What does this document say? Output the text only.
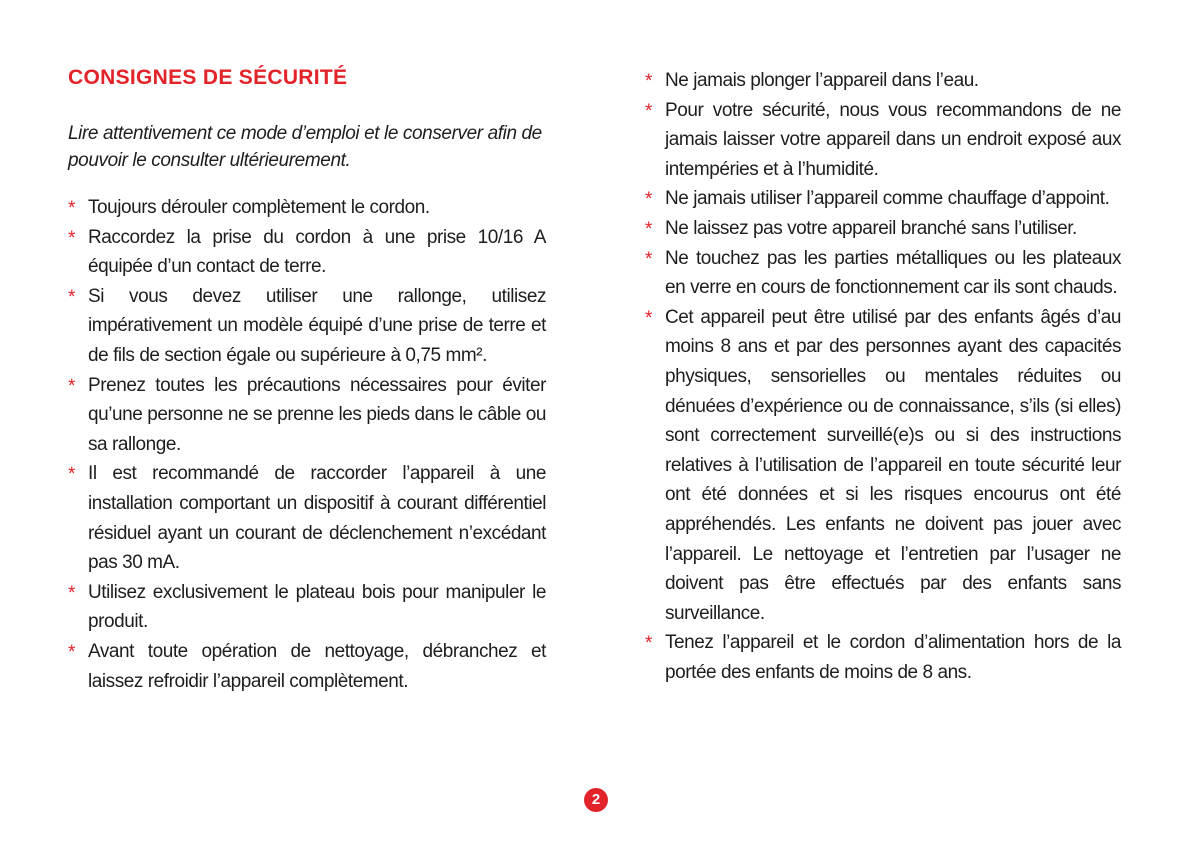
CONSIGNES DE SÉCURITÉ

Lire attentivement ce mode d’emploi et le conserver afin de pouvoir le consulter ultérieurement.

* Toujours dérouler complètement le cordon.
* Raccordez la prise du cordon à une prise 10/16 A équipée d’un contact de terre.
* Si vous devez utiliser une rallonge, utilisez impérativement un modèle équipé d’une prise de terre et de fils de section égale ou supérieure à 0,75 mm².
* Prenez toutes les précautions nécessaires pour éviter qu’une personne ne se prenne les pieds dans le câble ou sa rallonge.
* Il est recommandé de raccorder l’appareil à une installation comportant un dispositif à courant différentiel résiduel ayant un courant de déclenchement n’excédant pas 30 mA.
* Utilisez exclusivement le plateau bois pour manipuler le produit.
* Avant toute opération de nettoyage, débranchez et laissez refroidir l’appareil complètement.
* Ne jamais plonger l’appareil dans l’eau.
* Pour votre sécurité, nous vous recommandons de ne jamais laisser votre appareil dans un endroit exposé aux intempéries et à l’humidité.
* Ne jamais utiliser l’appareil comme chauffage d’appoint.
* Ne laissez pas votre appareil branché sans l’utiliser.
* Ne touchez pas les parties métalliques ou les plateaux en verre en cours de fonctionnement car ils sont chauds.
* Cet appareil peut être utilisé par des enfants âgés d’au moins 8 ans et par des personnes ayant des capacités physiques, sensorielles ou mentales réduites ou dénuées d’expérience ou de connaissance, s’ils (si elles) sont correctement surveillé(e)s ou si des instructions relatives à l’utilisation de l’appareil en toute sécurité leur ont été données et si les risques encourus ont été appréhendés. Les enfants ne doivent pas jouer avec l’appareil. Le nettoyage et l’entretien par l’usager ne doivent pas être effectués par des enfants sans surveillance.
* Tenez l’appareil et le cordon d’alimentation hors de la portée des enfants de moins de 8 ans.
2
